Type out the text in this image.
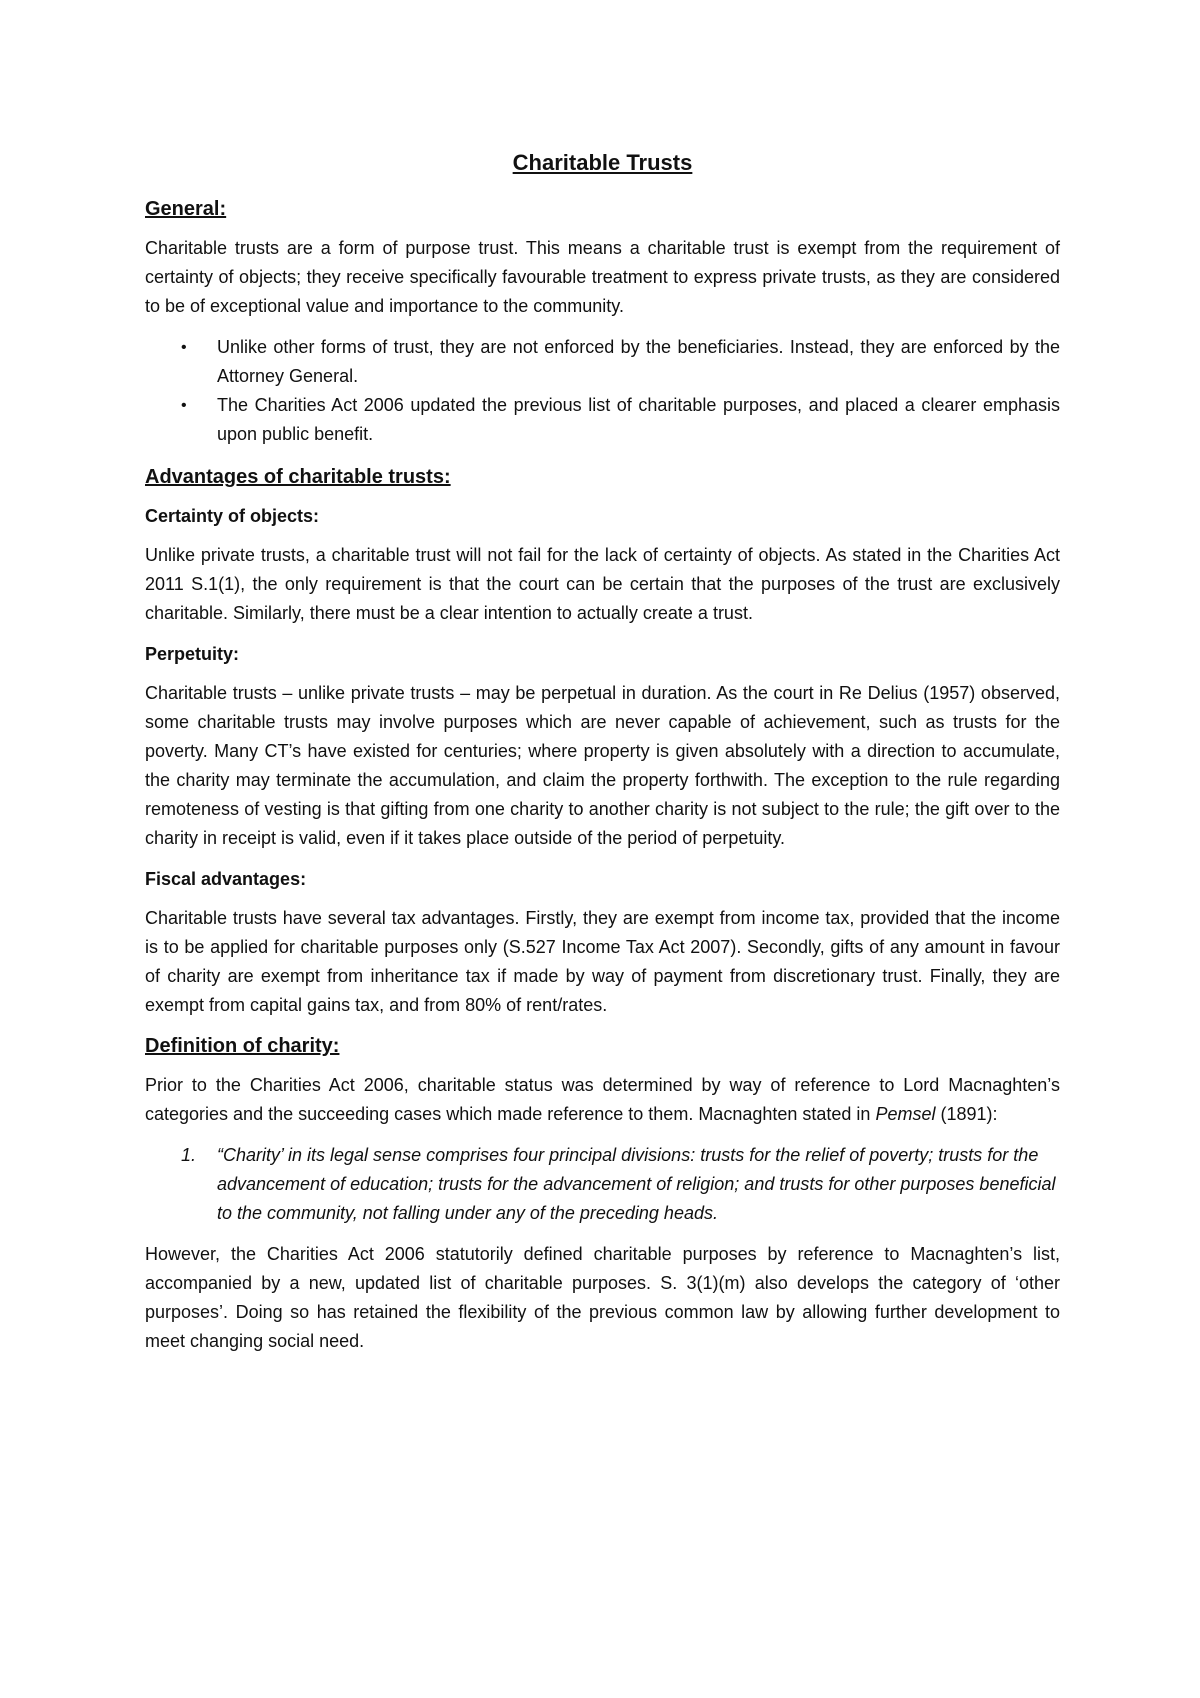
Charitable Trusts
General:

Charitable trusts are a form of purpose trust. This means a charitable trust is exempt from the requirement of certainty of objects; they receive specifically favourable treatment to express private trusts, as they are considered to be of exceptional value and importance to the community.

• Unlike other forms of trust, they are not enforced by the beneficiaries. Instead, they are enforced by the Attorney General.
• The Charities Act 2006 updated the previous list of charitable purposes, and placed a clearer emphasis upon public benefit.
Advantages of charitable trusts:
Certainty of objects:

Unlike private trusts, a charitable trust will not fail for the lack of certainty of objects. As stated in the Charities Act 2011 S.1(1), the only requirement is that the court can be certain that the purposes of the trust are exclusively charitable. Similarly, there must be a clear intention to actually create a trust.

Perpetuity:

Charitable trusts – unlike private trusts – may be perpetual in duration. As the court in Re Delius (1957) observed, some charitable trusts may involve purposes which are never capable of achievement, such as trusts for the poverty. Many CT’s have existed for centuries; where property is given absolutely with a direction to accumulate, the charity may terminate the accumulation, and claim the property forthwith. The exception to the rule regarding remoteness of vesting is that gifting from one charity to another charity is not subject to the rule; the gift over to the charity in receipt is valid, even if it takes place outside of the period of perpetuity.

Fiscal advantages:

Charitable trusts have several tax advantages. Firstly, they are exempt from income tax, provided that the income is to be applied for charitable purposes only (S.527 Income Tax Act 2007). Secondly, gifts of any amount in favour of charity are exempt from inheritance tax if made by way of payment from discretionary trust. Finally, they are exempt from capital gains tax, and from 80% of rent/rates.

Definition of charity:

Prior to the Charities Act 2006, charitable status was determined by way of reference to Lord Macnaghten’s categories and the succeeding cases which made reference to them. Macnaghten stated in Pemsel (1891):

1. “Charity’ in its legal sense comprises four principal divisions: trusts for the relief of poverty; trusts for the advancement of education; trusts for the advancement of religion; and trusts for other purposes beneficial to the community, not falling under any of the preceding heads.

However, the Charities Act 2006 statutorily defined charitable purposes by reference to Macnaghten’s list, accompanied by a new, updated list of charitable purposes. S. 3(1)(m) also develops the category of ‘other purposes’. Doing so has retained the flexibility of the previous common law by allowing further development to meet changing social need.
